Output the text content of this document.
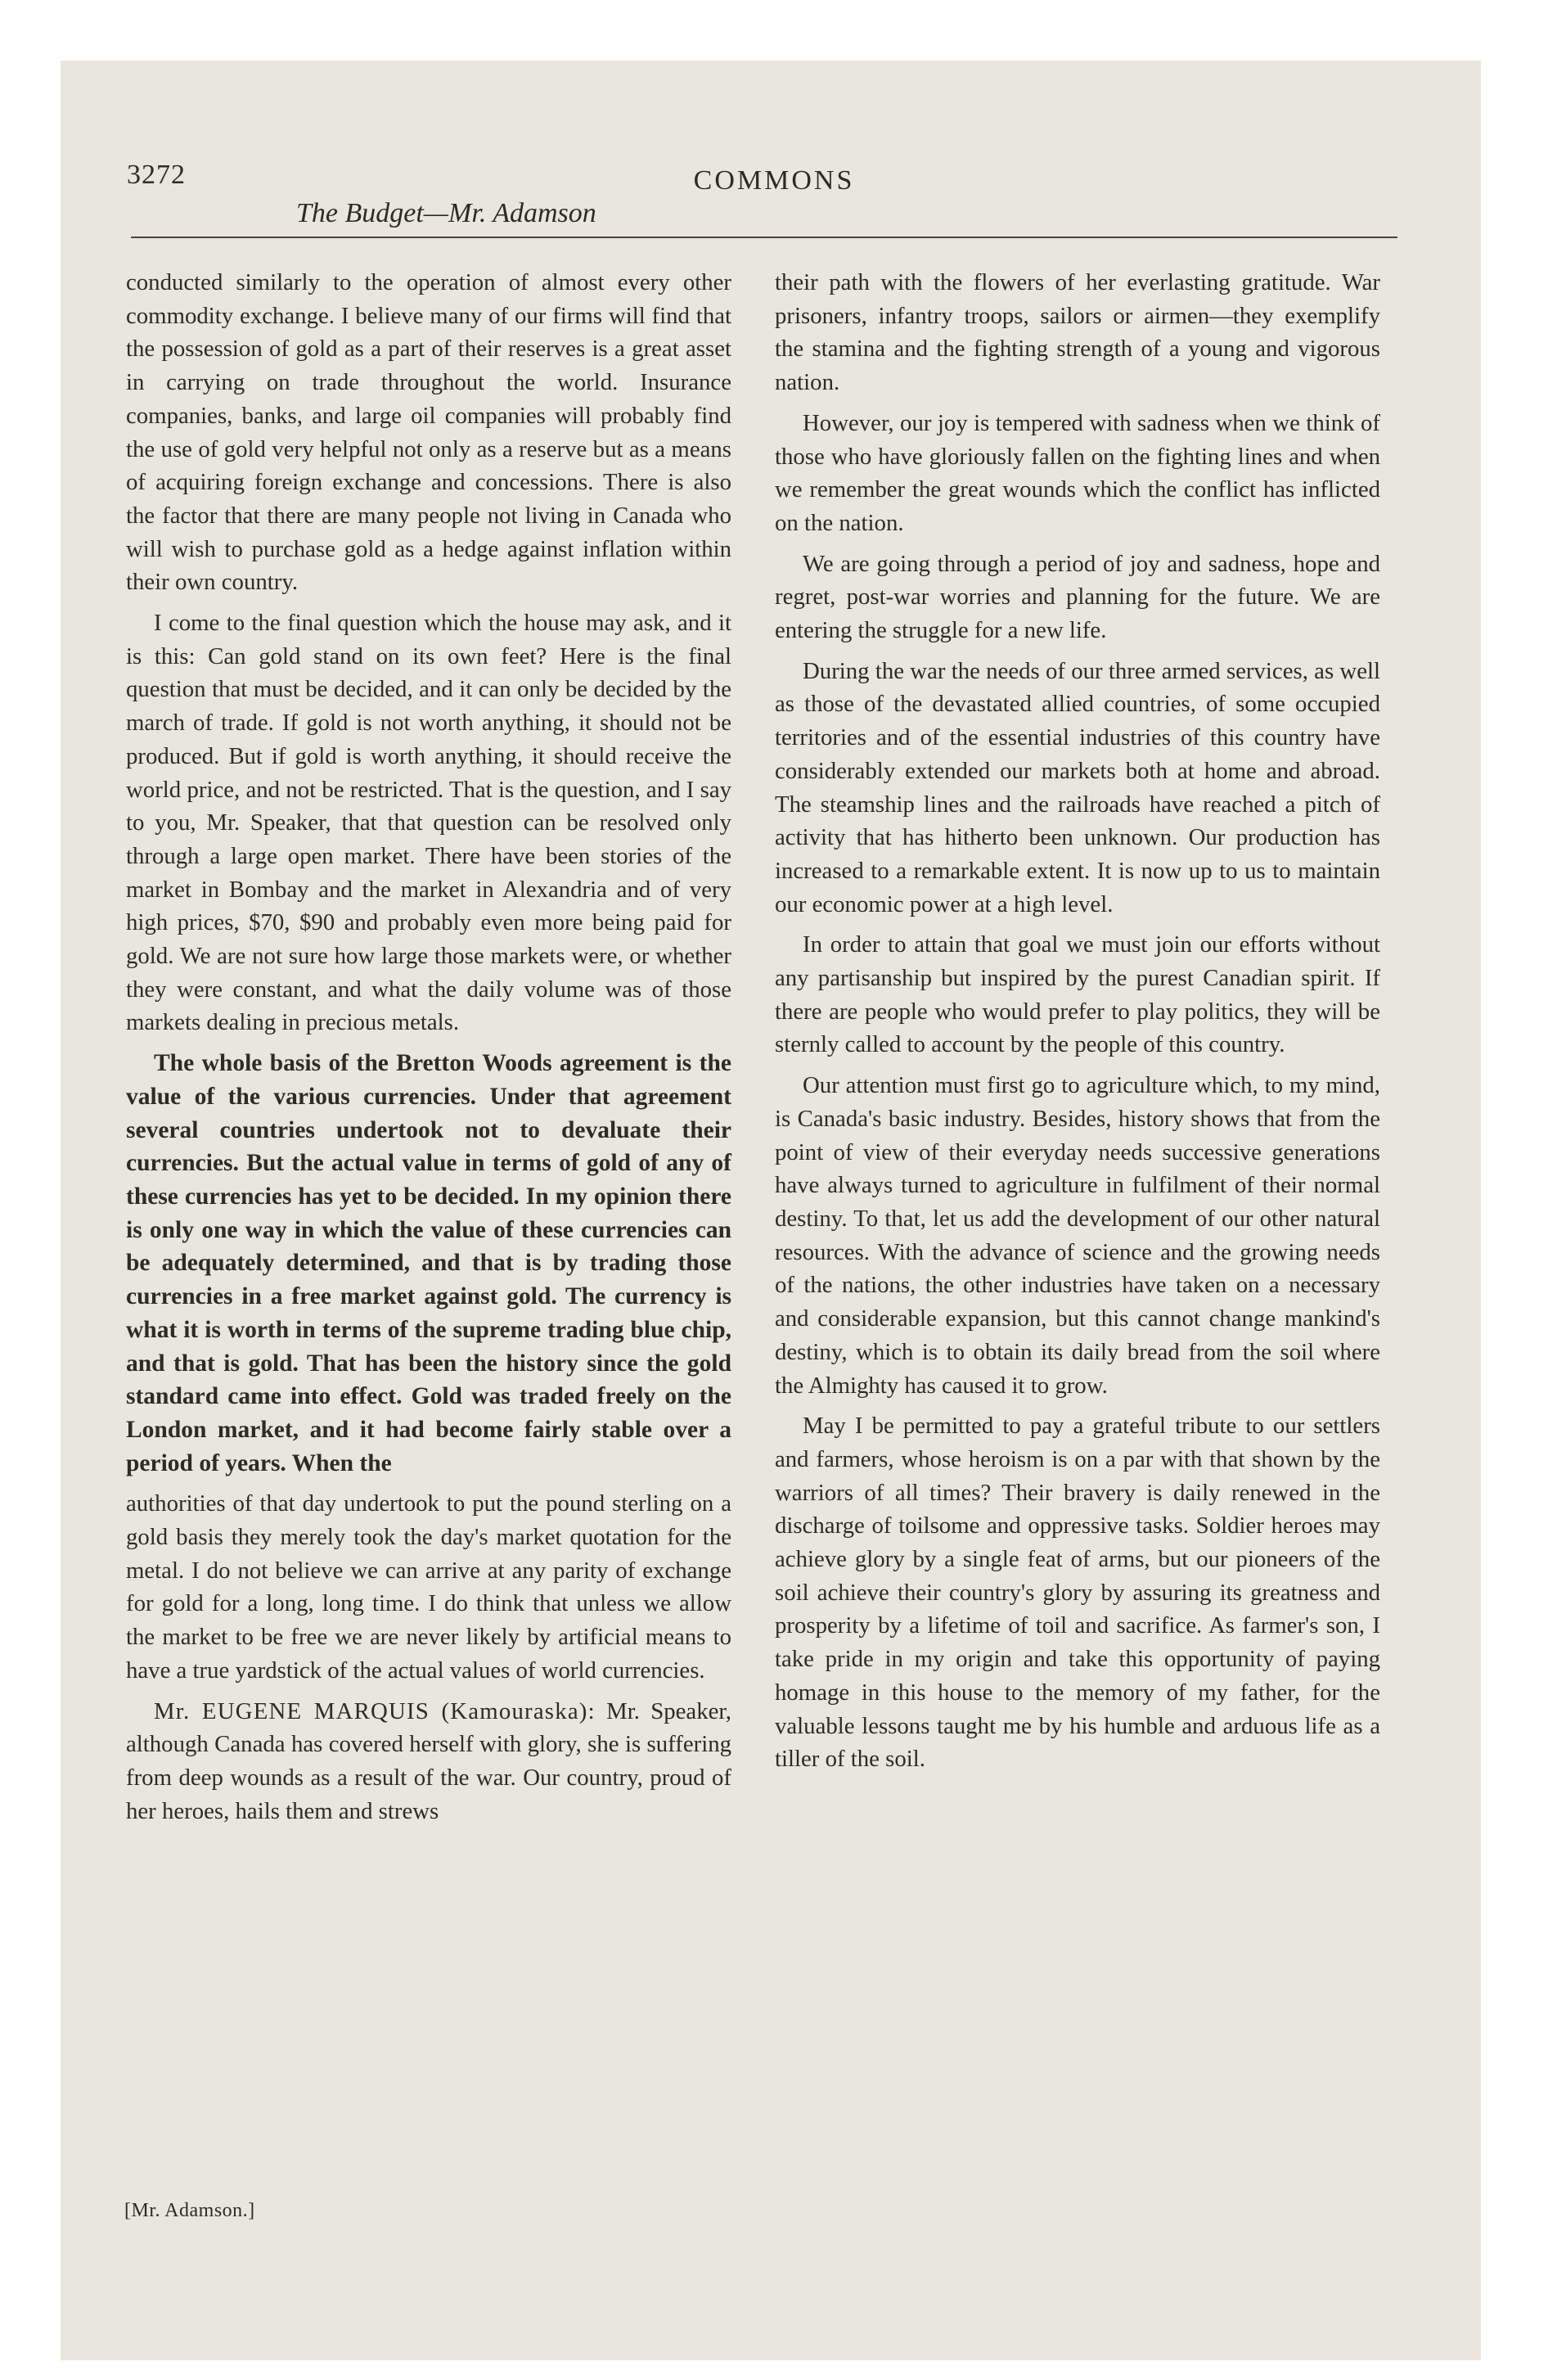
3272	COMMONS
The Budget—Mr. Adamson

conducted similarly to the operation of almost every other commodity exchange. I believe many of our firms will find that the possession of gold as a part of their reserves is a great asset in carrying on trade throughout the world. Insurance companies, banks, and large oil companies will probably find the use of gold very helpful not only as a reserve but as a means of acquiring foreign exchange and concessions. There is also the factor that there are many people not living in Canada who will wish to purchase gold as a hedge against inflation within their own country.

I come to the final question which the house may ask, and it is this: Can gold stand on its own feet? Here is the final question that must be decided, and it can only be decided by the march of trade. If gold is not worth anything, it should not be produced. But if gold is worth anything, it should receive the world price, and not be restricted. That is the question, and I say to you, Mr. Speaker, that that question can be resolved only through a large open market. There have been stories of the market in Bombay and the market in Alexandria and of very high prices, $70, $90 and probably even more being paid for gold. We are not sure how large those markets were, or whether they were constant, and what the daily volume was of those markets dealing in precious metals.

The whole basis of the Bretton Woods agreement is the value of the various currencies. Under that agreement several countries undertook not to devaluate their currencies. But the actual value in terms of gold of any of these currencies has yet to be decided. In my opinion there is only one way in which the value of these currencies can be adequately determined, and that is by trading those currencies in a free market against gold. The currency is what it is worth in terms of the supreme trading blue chip, and that is gold. That has been the history since the gold standard came into effect. Gold was traded freely on the London market, and it had become fairly stable over a period of years. When the

authorities of that day undertook to put the pound sterling on a gold basis they merely took the day's market quotation for the metal. I do not believe we can arrive at any parity of exchange for gold for a long, long time. I do think that unless we allow the market to be free we are never likely by artificial means to have a true yardstick of the actual values of world currencies.

Mr. EUGENE MARQUIS (Kamouraska): Mr. Speaker, although Canada has covered herself with glory, she is suffering from deep wounds as a result of the war. Our country, proud of her heroes, hails them and strews

[Mr. Adamson.]

their path with the flowers of her everlasting gratitude. War prisoners, infantry troops, sailors or airmen—they exemplify the stamina and the fighting strength of a young and vigorous nation.

However, our joy is tempered with sadness when we think of those who have gloriously fallen on the fighting lines and when we remember the great wounds which the conflict has inflicted on the nation.

We are going through a period of joy and sadness, hope and regret, post-war worries and planning for the future. We are entering the struggle for a new life.

During the war the needs of our three armed services, as well as those of the devastated allied countries, of some occupied territories and of the essential industries of this country have considerably extended our markets both at home and abroad. The steamship lines and the railroads have reached a pitch of activity that has hitherto been unknown. Our production has increased to a remarkable extent. It is now up to us to maintain our economic power at a high level.

In order to attain that goal we must join our efforts without any partisanship but inspired by the purest Canadian spirit. If there are people who would prefer to play politics, they will be sternly called to account by the people of this country.

Our attention must first go to agriculture which, to my mind, is Canada's basic industry. Besides, history shows that from the point of view of their everyday needs successive generations have always turned to agriculture in fulfilment of their normal destiny. To that, let us add the development of our other natural resources. With the advance of science and the growing needs of the nations, the other industries have taken on a necessary and considerable expansion, but this cannot change mankind's destiny, which is to obtain its daily bread from the soil where the Almighty has caused it to grow.

May I be permitted to pay a grateful tribute to our settlers and farmers, whose heroism is on a par with that shown by the warriors of all times? Their bravery is daily renewed in the discharge of toilsome and oppressive tasks. Soldier heroes may achieve glory by a single feat of arms, but our pioneers of the soil achieve their country's glory by assuring its greatness and prosperity by a lifetime of toil and sacrifice. As farmer's son, I take pride in my origin and take this opportunity of paying homage in this house to the memory of my father, for the valuable lessons taught me by his humble and arduous life as a tiller of the soil.
